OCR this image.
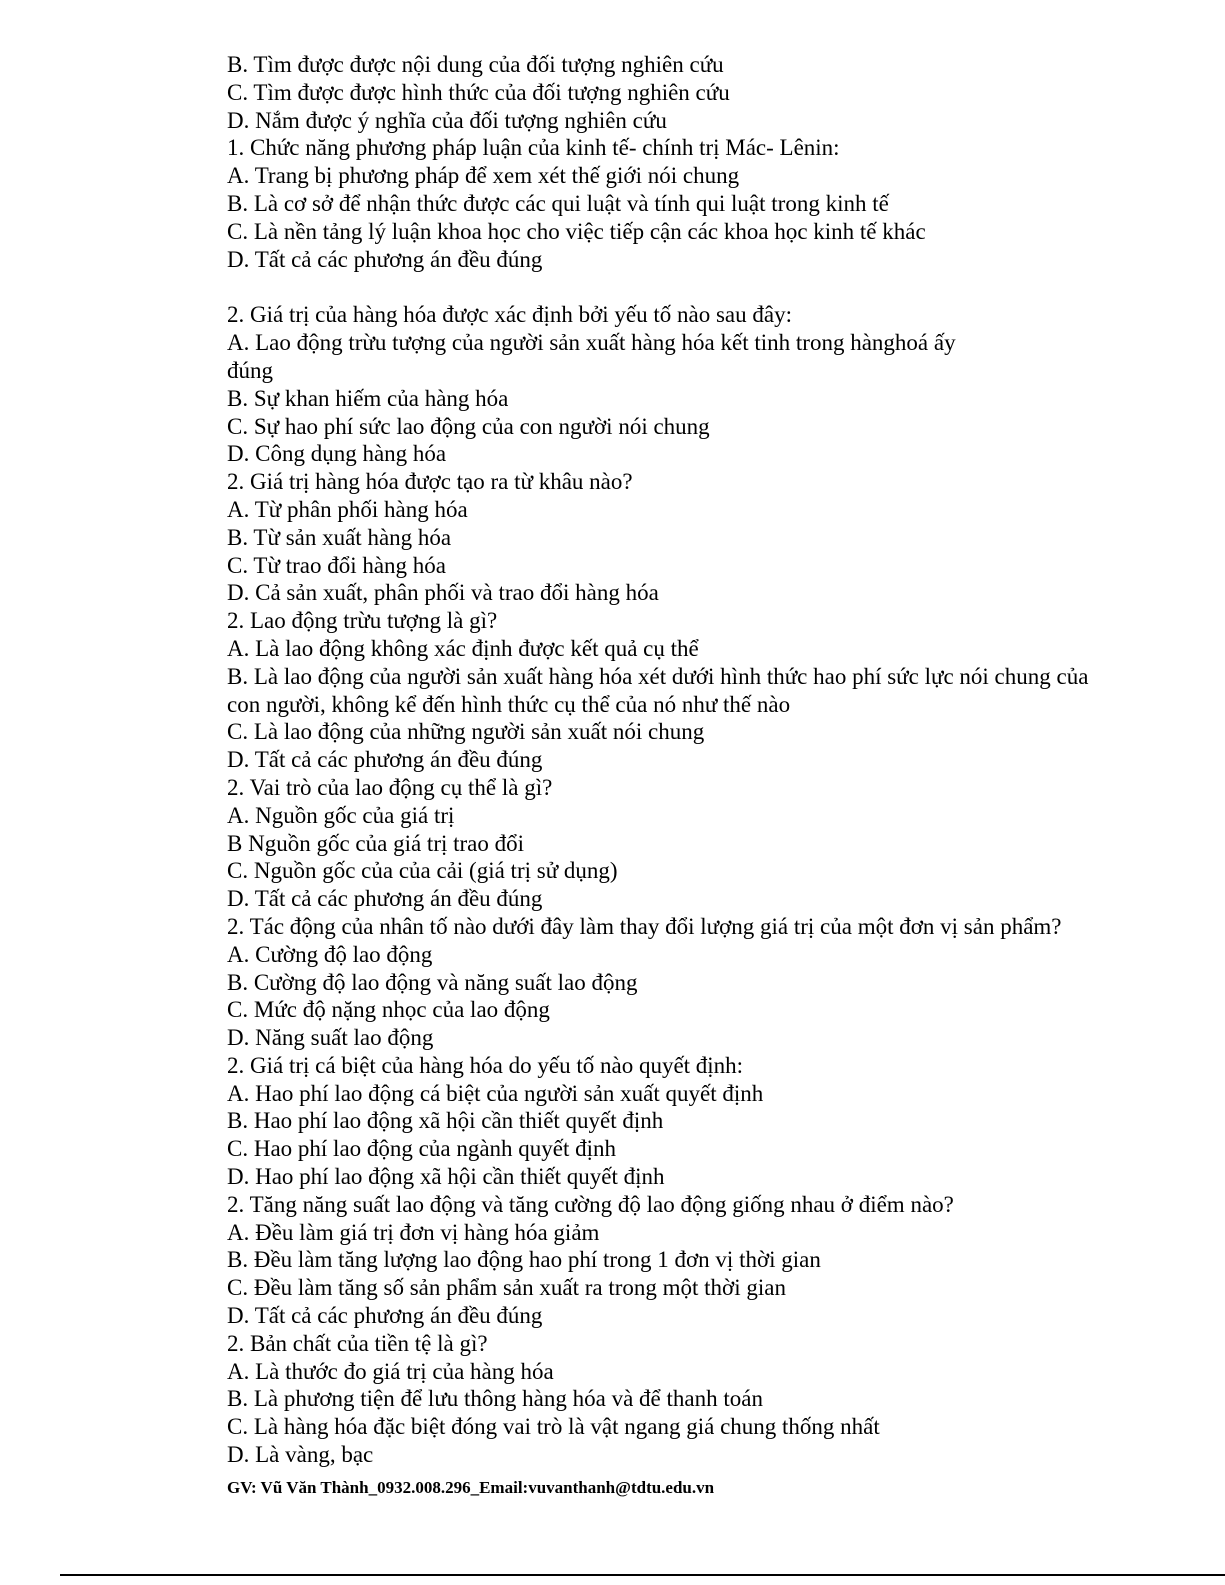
B. Tìm được được nội dung của đối tượng nghiên cứu
C. Tìm được được hình thức của đối tượng nghiên cứu
D. Nắm được ý nghĩa của đối tượng nghiên cứu
1. Chức năng phương pháp luận của kinh tế- chính trị Mác- Lênin:
A. Trang bị phương pháp để xem xét thế giới nói chung
B. Là cơ sở để nhận thức được các qui luật và tính qui luật trong kinh tế
C. Là nền tảng lý luận khoa học cho việc tiếp cận các khoa học kinh tế khác
D. Tất cả các phương án đều đúng
2. Giá trị của hàng hóa được xác định bởi yếu tố nào sau đây:
A. Lao động trừu tượng của người sản xuất hàng hóa kết tinh trong hànghoá ấy
đúng
B. Sự khan hiếm của hàng hóa
C. Sự hao phí sức lao động của con người nói chung
D. Công dụng hàng hóa
2. Giá trị hàng hóa được tạo ra từ khâu nào?
A. Từ phân phối hàng hóa
B. Từ sản xuất hàng hóa
C. Từ trao đổi hàng hóa
D. Cả sản xuất, phân phối và trao đổi hàng hóa
2. Lao động trừu tượng là gì?
A. Là lao động không xác định được kết quả cụ thể
B. Là lao động của người sản xuất hàng hóa xét dưới hình thức hao phí sức lực nói chung của
con người, không kể đến hình thức cụ thể của nó như thế nào
C. Là lao động của những người sản xuất nói chung
D. Tất cả các phương án đều đúng
2. Vai trò của lao động cụ thể là gì?
A. Nguồn gốc của giá trị
B Nguồn gốc của giá trị trao đổi
C. Nguồn gốc của của cải (giá trị sử dụng)
D. Tất cả các phương án đều đúng
2. Tác động của nhân tố nào dưới đây làm thay đổi lượng giá trị của một đơn vị sản phẩm?
A. Cường độ lao động
B. Cường độ lao động và năng suất lao động
C. Mức độ nặng nhọc của lao động
D. Năng suất lao động
2. Giá trị cá biệt của hàng hóa do yếu tố nào quyết định:
A. Hao phí lao động cá biệt của người sản xuất quyết định
B. Hao phí lao động xã hội cần thiết quyết định
C. Hao phí lao động của ngành quyết định
D. Hao phí lao động xã hội cần thiết quyết định
2. Tăng năng suất lao động và tăng cường độ lao động giống nhau ở điểm nào?
A. Đều làm giá trị đơn vị hàng hóa giảm
B. Đều làm tăng lượng lao động hao phí trong 1 đơn vị thời gian
C. Đều làm tăng số sản phẩm sản xuất ra trong một thời gian
D. Tất cả các phương án đều đúng
2. Bản chất của tiền tệ là gì?
A. Là thước đo giá trị của hàng hóa
B. Là phương tiện để lưu thông hàng hóa và để thanh toán
C. Là hàng hóa đặc biệt đóng vai trò là vật ngang giá chung thống nhất
D. Là vàng, bạc
GV: Vũ Văn Thành_0932.008.296_Email:vuvanthanh@tdtu.edu.vn
